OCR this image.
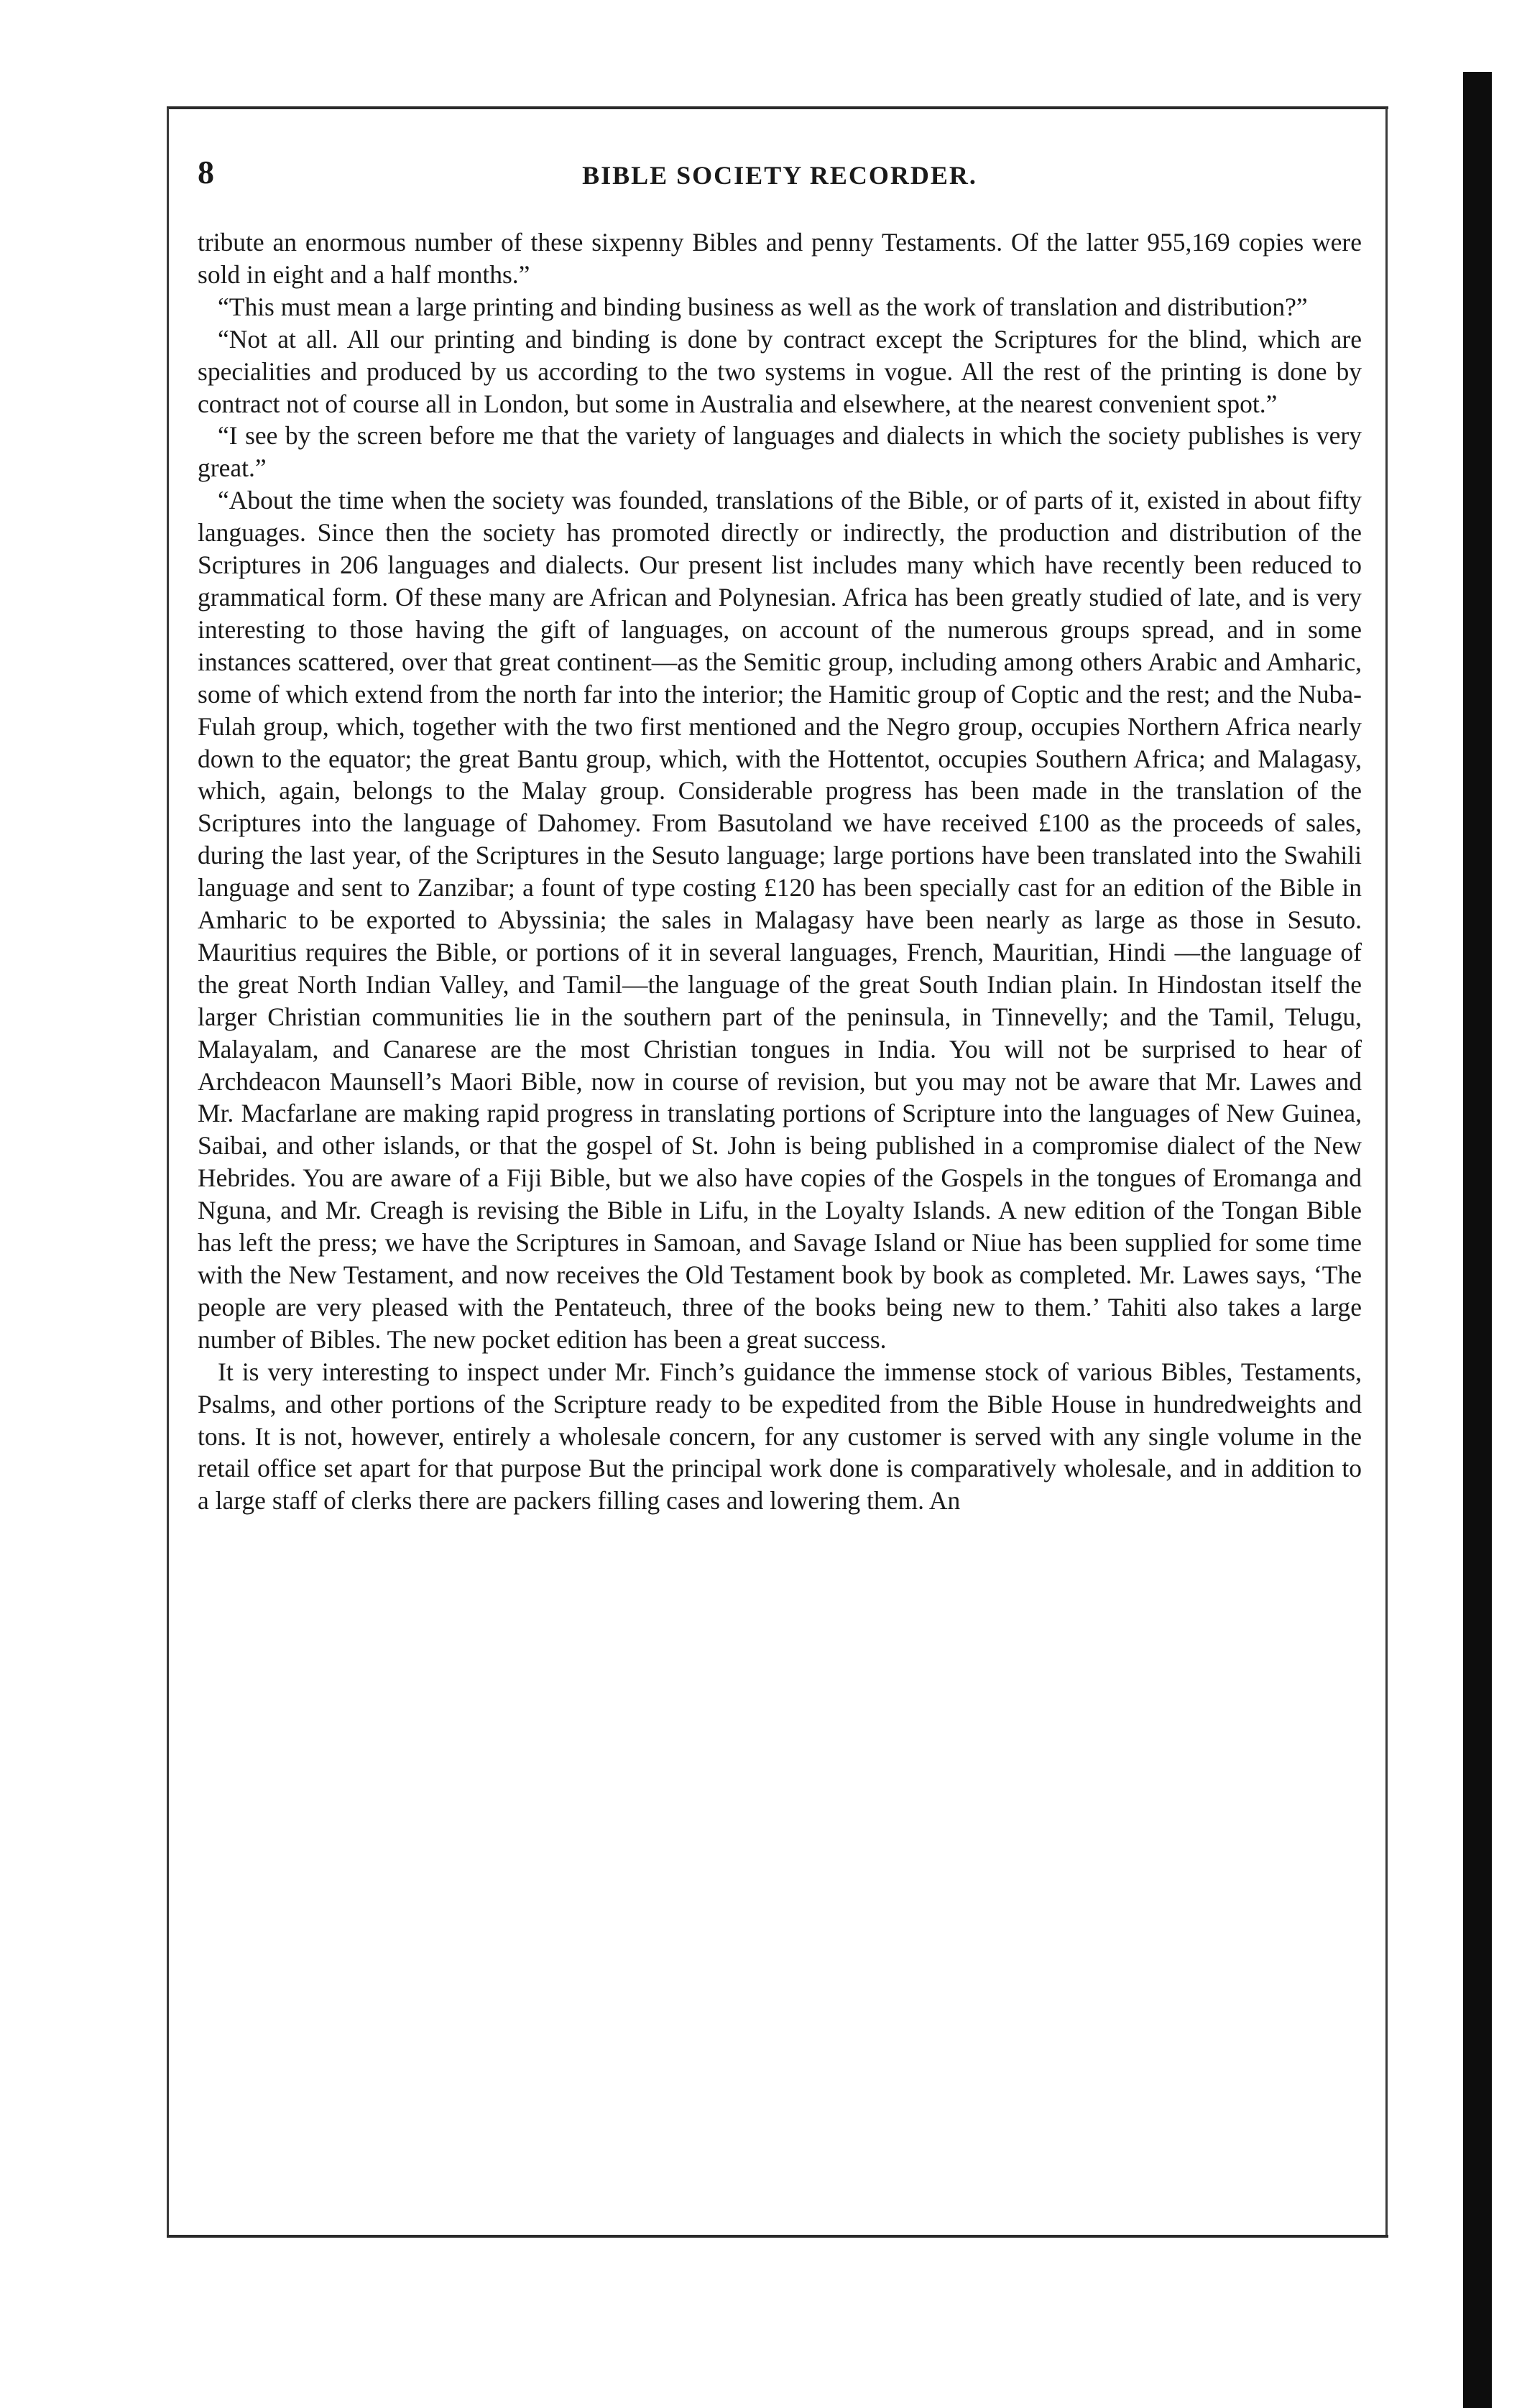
8	BIBLE SOCIETY RECORDER.

tribute an enormous number of these sixpenny Bibles and penny Testaments. Of the latter 955,169 copies were sold in eight and a half months.”

“This must mean a large printing and binding business as well as the work of translation and distribution?”

“Not at all. All our printing and binding is done by contract except the Scriptures for the blind, which are specialities and produced by us according to the two systems in vogue. All the rest of the printing is done by contract not of course all in London, but some in Australia and elsewhere, at the nearest convenient spot.”

“I see by the screen before me that the variety of languages and dialects in which the society publishes is very great.”

“About the time when the society was founded, translations of the Bible, or of parts of it, existed in about fifty languages. Since then the society has promoted directly or indirectly, the production and distribution of the Scriptures in 206 languages and dialects. Our present list includes many which have recently been reduced to grammatical form. Of these many are African and Polynesian. Africa has been greatly studied of late, and is very interesting to those having the gift of languages, on account of the numerous groups spread, and in some instances scattered, over that great continent—as the Semitic group, including among others Arabic and Amharic, some of which extend from the north far into the interior; the Hamitic group of Coptic and the rest; and the Nuba-Fulah group, which, together with the two first mentioned and the Negro group, occupies Northern Africa nearly down to the equator; the great Bantu group, which, with the Hottentot, occupies Southern Africa; and Malagasy, which, again, belongs to the Malay group. Considerable progress has been made in the translation of the Scriptures into the language of Dahomey. From Basutoland we have received £100 as the proceeds of sales, during the last year, of the Scriptures in the Sesuto language; large portions have been translated into the Swahili language and sent to Zanzibar; a fount of type costing £120 has been specially cast for an edition of the Bible in Amharic to be exported to Abyssinia; the sales in Malagasy have been nearly as large as those in Sesuto. Mauritius requires the Bible, or portions of it in several languages, French, Mauritian, Hindi —the language of the great North Indian Valley, and Tamil—the language of the great South Indian plain. In Hindostan itself the larger Christian communities lie in the southern part of the peninsula, in Tinnevelly; and the Tamil, Telugu, Malayalam, and Canarese are the most Christian tongues in India. You will not be surprised to hear of Archdeacon Maunsell’s Maori Bible, now in course of revision, but you may not be aware that Mr. Lawes and Mr. Macfarlane are making rapid progress in translating portions of Scripture into the languages of New Guinea, Saibai, and other islands, or that the gospel of St. John is being published in a compromise dialect of the New Hebrides. You are aware of a Fiji Bible, but we also have copies of the Gospels in the tongues of Eromanga and Nguna, and Mr. Creagh is revising the Bible in Lifu, in the Loyalty Islands. A new edition of the Tongan Bible has left the press; we have the Scriptures in Samoan, and Savage Island or Niue has been supplied for some time with the New Testament, and now receives the Old Testament book by book as completed. Mr. Lawes says, ‘The people are very pleased with the Pentateuch, three of the books being new to them.’ Tahiti also takes a large number of Bibles. The new pocket edition has been a great success.

It is very interesting to inspect under Mr. Finch’s guidance the immense stock of various Bibles, Testaments, Psalms, and other portions of the Scripture ready to be expedited from the Bible House in hundredweights and tons. It is not, however, entirely a wholesale concern, for any customer is served with any single volume in the retail office set apart for that purpose But the principal work done is comparatively wholesale, and in addition to a large staff of clerks there are packers filling cases and lowering them. An
